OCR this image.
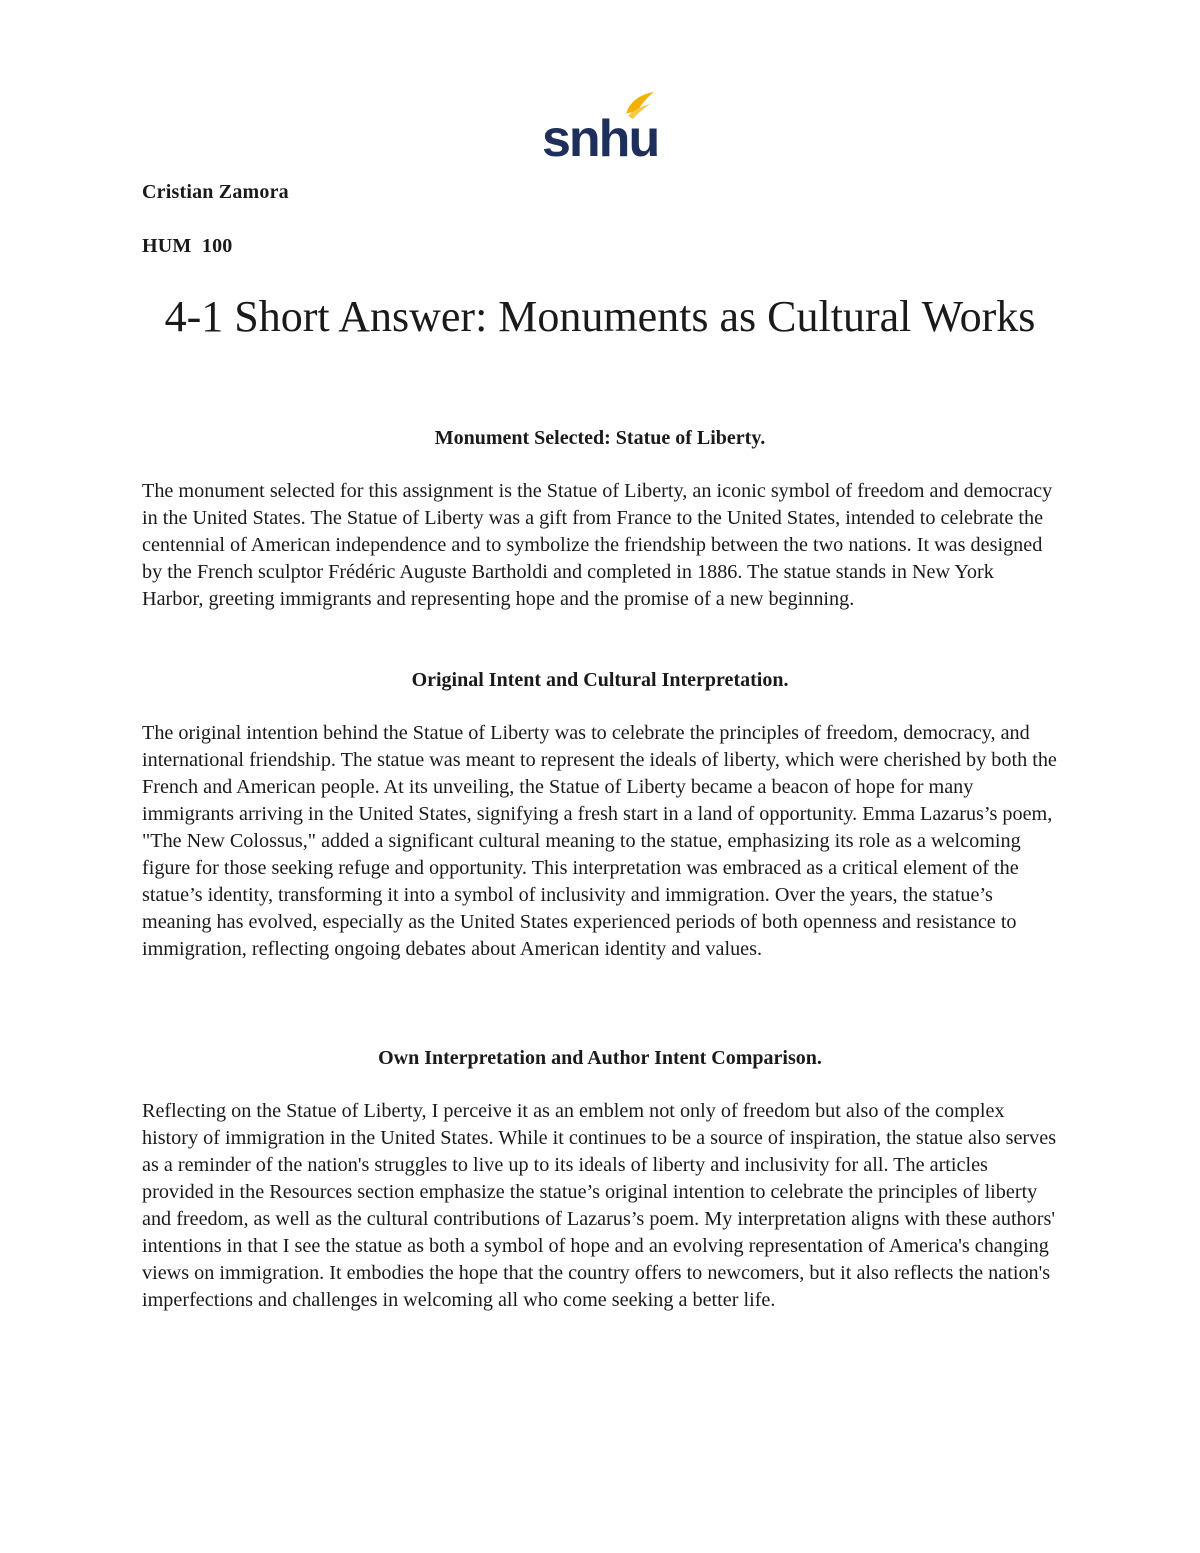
snhu
Cristian Zamora
HUM  100
4-1 Short Answer: Monuments as Cultural Works
Monument Selected: Statue of Liberty.

The monument selected for this assignment is the Statue of Liberty, an iconic symbol of freedom and democracy in the United States. The Statue of Liberty was a gift from France to the United States, intended to celebrate the centennial of American independence and to symbolize the friendship between the two nations. It was designed by the French sculptor Frédéric Auguste Bartholdi and completed in 1886. The statue stands in New York Harbor, greeting immigrants and representing hope and the promise of a new beginning.

Original Intent and Cultural Interpretation.

The original intention behind the Statue of Liberty was to celebrate the principles of freedom, democracy, and international friendship. The statue was meant to represent the ideals of liberty, which were cherished by both the French and American people. At its unveiling, the Statue of Liberty became a beacon of hope for many immigrants arriving in the United States, signifying a fresh start in a land of opportunity. Emma Lazarus’s poem, "The New Colossus," added a significant cultural meaning to the statue, emphasizing its role as a welcoming figure for those seeking refuge and opportunity. This interpretation was embraced as a critical element of the statue’s identity, transforming it into a symbol of inclusivity and immigration. Over the years, the statue’s meaning has evolved, especially as the United States experienced periods of both openness and resistance to immigration, reflecting ongoing debates about American identity and values.

Own Interpretation and Author Intent Comparison.

Reflecting on the Statue of Liberty, I perceive it as an emblem not only of freedom but also of the complex history of immigration in the United States. While it continues to be a source of inspiration, the statue also serves as a reminder of the nation's struggles to live up to its ideals of liberty and inclusivity for all. The articles provided in the Resources section emphasize the statue’s original intention to celebrate the principles of liberty and freedom, as well as the cultural contributions of Lazarus’s poem. My interpretation aligns with these authors' intentions in that I see the statue as both a symbol of hope and an evolving representation of America's changing views on immigration. It embodies the hope that the country offers to newcomers, but it also reflects the nation's imperfections and challenges in welcoming all who come seeking a better life.
